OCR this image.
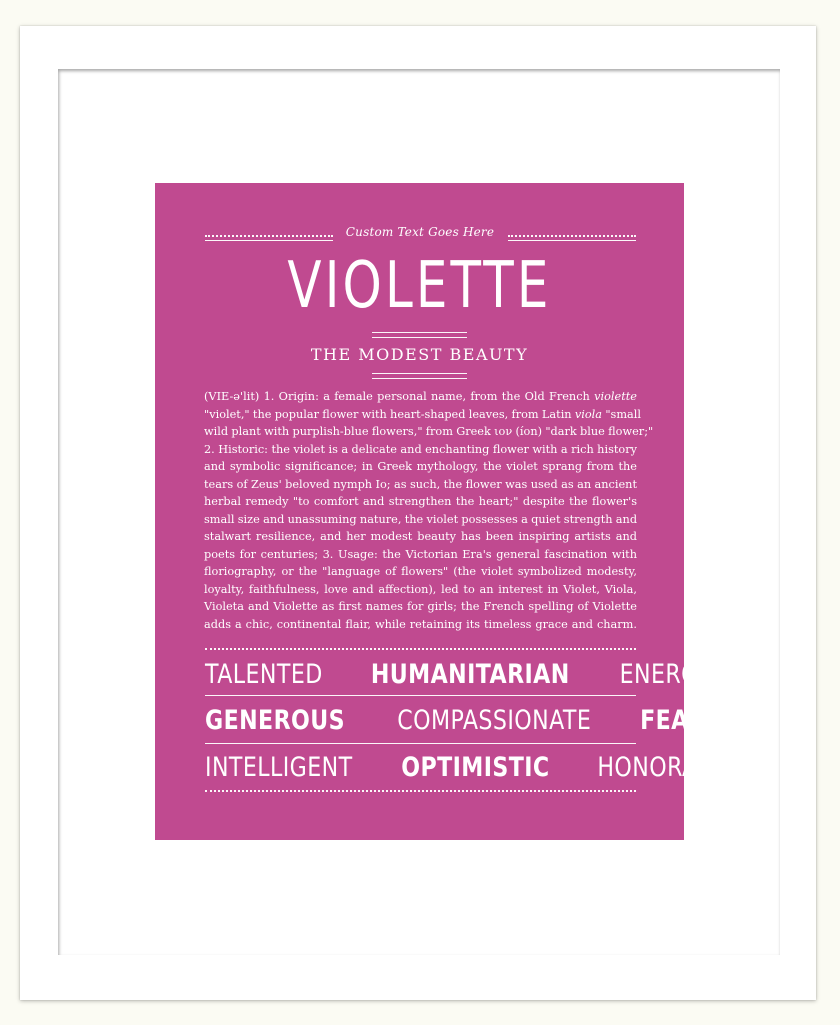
Custom Text Goes Here
VIOLETTE
THE MODEST BEAUTY
(VIE-ə'lit) 1. Origin: a female personal name, from the Old French violette
"violet," the popular flower with heart-shaped leaves, from Latin viola "small
wild plant with purplish-blue flowers," from Greek ιον (íon) "dark blue flower;"
2. Historic: the violet is a delicate and enchanting flower with a rich history
and symbolic significance; in Greek mythology, the violet sprang from the
tears of Zeus' beloved nymph Io; as such, the flower was used as an ancient
herbal remedy "to comfort and strengthen the heart;" despite the flower's
small size and unassuming nature, the violet possesses a quiet strength and
stalwart resilience, and her modest beauty has been inspiring artists and
poets for centuries; 3. Usage: the Victorian Era's general fascination with
floriography, or the "language of flowers" (the violet symbolized modesty,
loyalty, faithfulness, love and affection), led to an interest in Violet, Viola,
Violeta and Violette as first names for girls; the French spelling of Violette
adds a chic, continental flair, while retaining its timeless grace and charm.
TALENTED HUMANITARIAN ENERGETIC
GENEROUS COMPASSIONATE FEARLESS
INTELLIGENT OPTIMISTIC HONORABLE
